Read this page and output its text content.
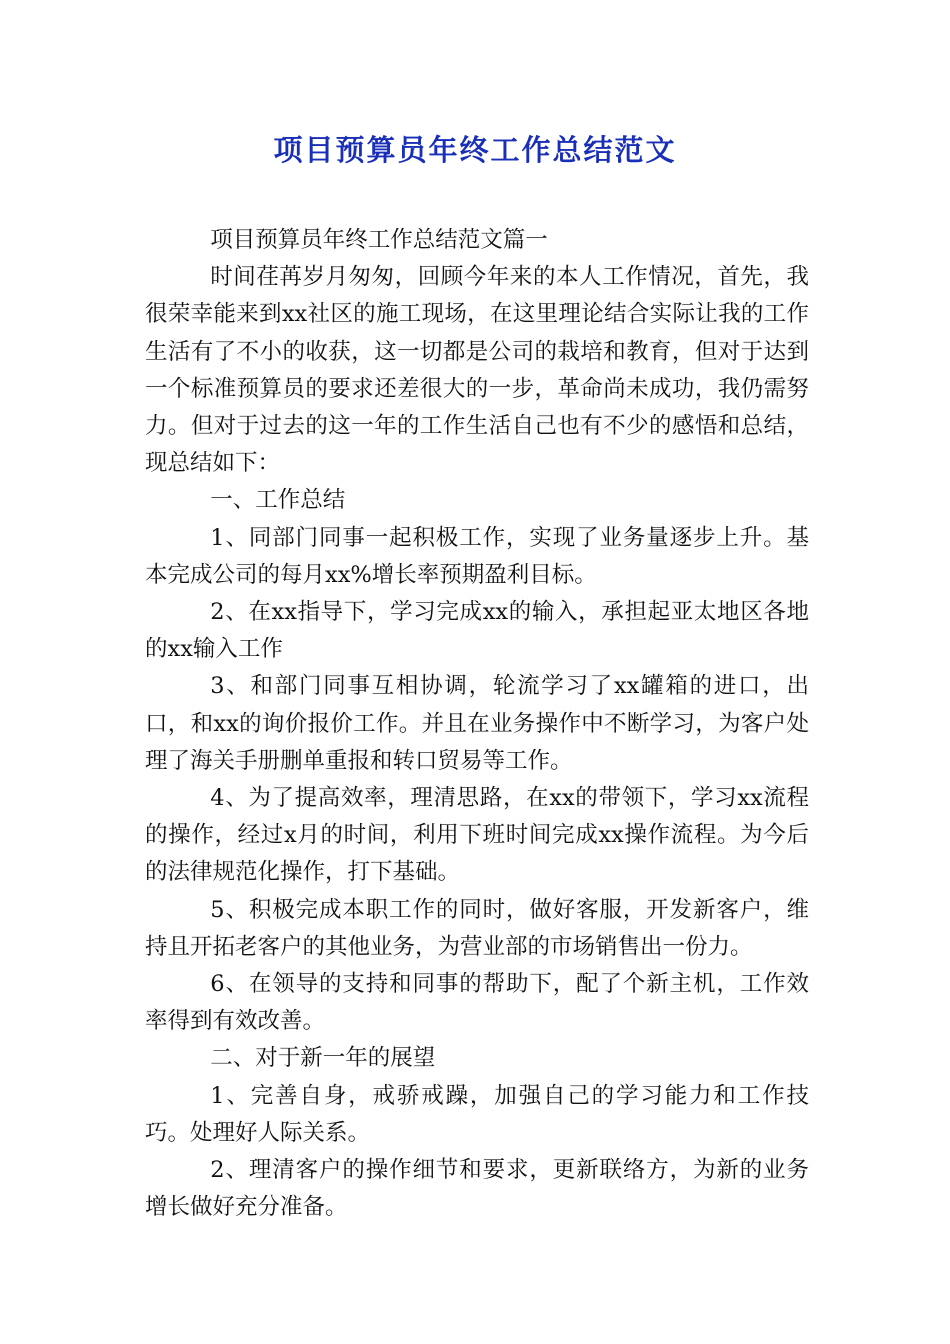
项目预算员年终工作总结范文

项目预算员年终工作总结范文篇一

时间荏苒岁月匆匆，回顾今年来的本人工作情况，首先，我很荣幸能来到xx社区的施工现场，在这里理论结合实际让我的工作生活有了不小的收获，这一切都是公司的栽培和教育，但对于达到一个标准预算员的要求还差很大的一步，革命尚未成功，我仍需努力。但对于过去的这一年的工作生活自己也有不少的感悟和总结，现总结如下：

一、工作总结

1、同部门同事一起积极工作，实现了业务量逐步上升。基本完成公司的每月xx%增长率预期盈利目标。

2、在xx指导下，学习完成xx的输入，承担起亚太地区各地的xx输入工作

3、和部门同事互相协调，轮流学习了xx罐箱的进口，出口，和xx的询价报价工作。并且在业务操作中不断学习，为客户处理了海关手册删单重报和转口贸易等工作。

4、为了提高效率，理清思路，在xx的带领下，学习xx流程的操作，经过x月的时间，利用下班时间完成xx操作流程。为今后的法律规范化操作，打下基础。

5、积极完成本职工作的同时，做好客服，开发新客户，维持且开拓老客户的其他业务，为营业部的市场销售出一份力。

6、在领导的支持和同事的帮助下，配了个新主机，工作效率得到有效改善。

二、对于新一年的展望

1、完善自身，戒骄戒躁，加强自己的学习能力和工作技巧。处理好人际关系。

2、理清客户的操作细节和要求，更新联络方，为新的业务增长做好充分准备。
